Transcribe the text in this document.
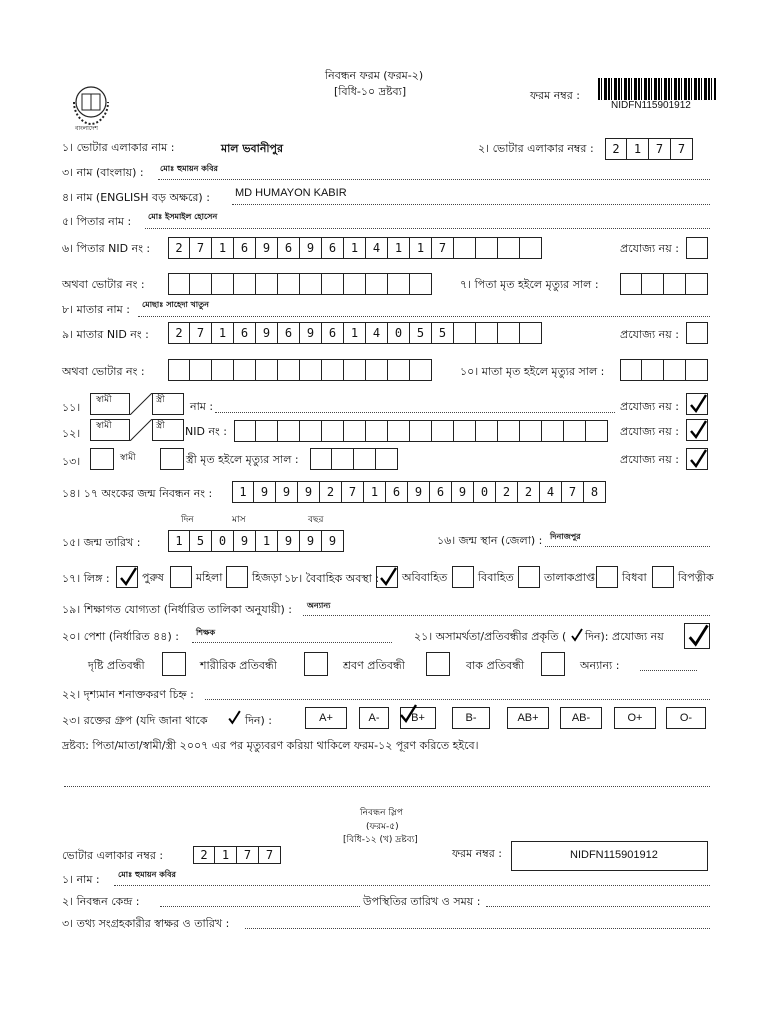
বাংলাদেশ
নিবন্ধন ফরম (ফরম-২)
[বিধি-১০ দ্রষ্টব্য]	ফরম নম্বর :
NIDFN115901912
১। ভোটার এলাকার নাম :	মাল ভবানীপুর	২। ভোটার এলাকার নম্বর :	2	1	7	7
৩। নাম (বাংলায়) : মোঃ হুমায়ন কবির
৪। নাম (ENGLISH বড় অক্ষরে) : MD HUMAYON KABIR
৫। পিতার নাম : মোঃ ইসমাইল হোসেন
৬। পিতার NID নং :	2	7	1	6	9	6	9	6	1	4	1	1	7	প্রযোজ্য নয় :
অথবা ভোটার নং :	৭। পিতা মৃত হইলে মৃত্যুর সাল :
৮। মাতার নাম : মোছাঃ সাহেদা খাতুন
৯। মাতার NID নং :	2	7	1	6	9	6	9	6	1	4	0	5	5	প্রযোজ্য নয় :
অথবা ভোটার নং :	১০। মাতা মৃত হইলে মৃত্যুর সাল :
১১।
স্বামী	স্ত্রী নাম :	প্রযোজ্য নয় :
১২।
স্বামী	স্ত্রী NID নং :	প্রযোজ্য নয় :
১৩।	স্বামী	স্ত্রী মৃত হইলে মৃত্যুর সাল :	প্রযোজ্য নয় :
১৪। ১৭ অংকের জন্ম নিবন্ধন নং :	1	9	9	9	2	7	1	6	9	6	9	0	2	2	4	7	8
দিন	মাস	বছর
১৫। জন্ম তারিখ :	1	5	0	9	1	9	9	9	১৬। জন্ম স্থান (জেলা) : দিনাজপুর
১৭। লিঙ্গ :	পুরুষ	মহিলা	হিজড়া ১৮। বৈবাহিক অবস্থা : অবিবাহিত	বিবাহিত	তালাকপ্রাপ্ত বিধবা	বিপত্নীক
১৯। শিক্ষাগত যোগ্যতা (নির্ধারিত তালিকা অনুযায়ী) : অন্যান্য
২০। পেশা (নির্ধারিত ৪৪) : শিক্ষক	২১। অসামর্থতা/প্রতিবন্ধীর প্রকৃতি ( দিন): প্রযোজ্য নয়
দৃষ্টি প্রতিবন্ধী	শারীরিক প্রতিবন্ধী	শ্রবণ প্রতিবন্ধী	বাক প্রতিবন্ধী	অন্যান্য :
২২। দৃশ্যমান শনাক্তকরণ চিহ্ন :
২৩। রক্তের গ্রুপ (যদি জানা থাকে	দিন) :	A+	A-	B+	B-	AB+	AB-	O+	O-
দ্রষ্টব্য: পিতা/মাতা/স্বামী/স্ত্রী ২০০৭ এর পর মৃত্যুবরণ করিয়া থাকিলে ফরম-১২ পূরণ করিতে হইবে।
নিবন্ধন স্লিপ
(ফরম-৫)
[বিধি-১২ (খ) দ্রষ্টব্য]
ভোটার এলাকার নম্বর :	2	1	7	7	ফরম নম্বর :	NIDFN115901912
১। নাম : মোঃ হুমায়ন কবির
২। নিবন্ধন কেন্দ্র :	উপস্থিতির তারিখ ও সময় :
৩। তথ্য সংগ্রহকারীর স্বাক্ষর ও তারিখ :
